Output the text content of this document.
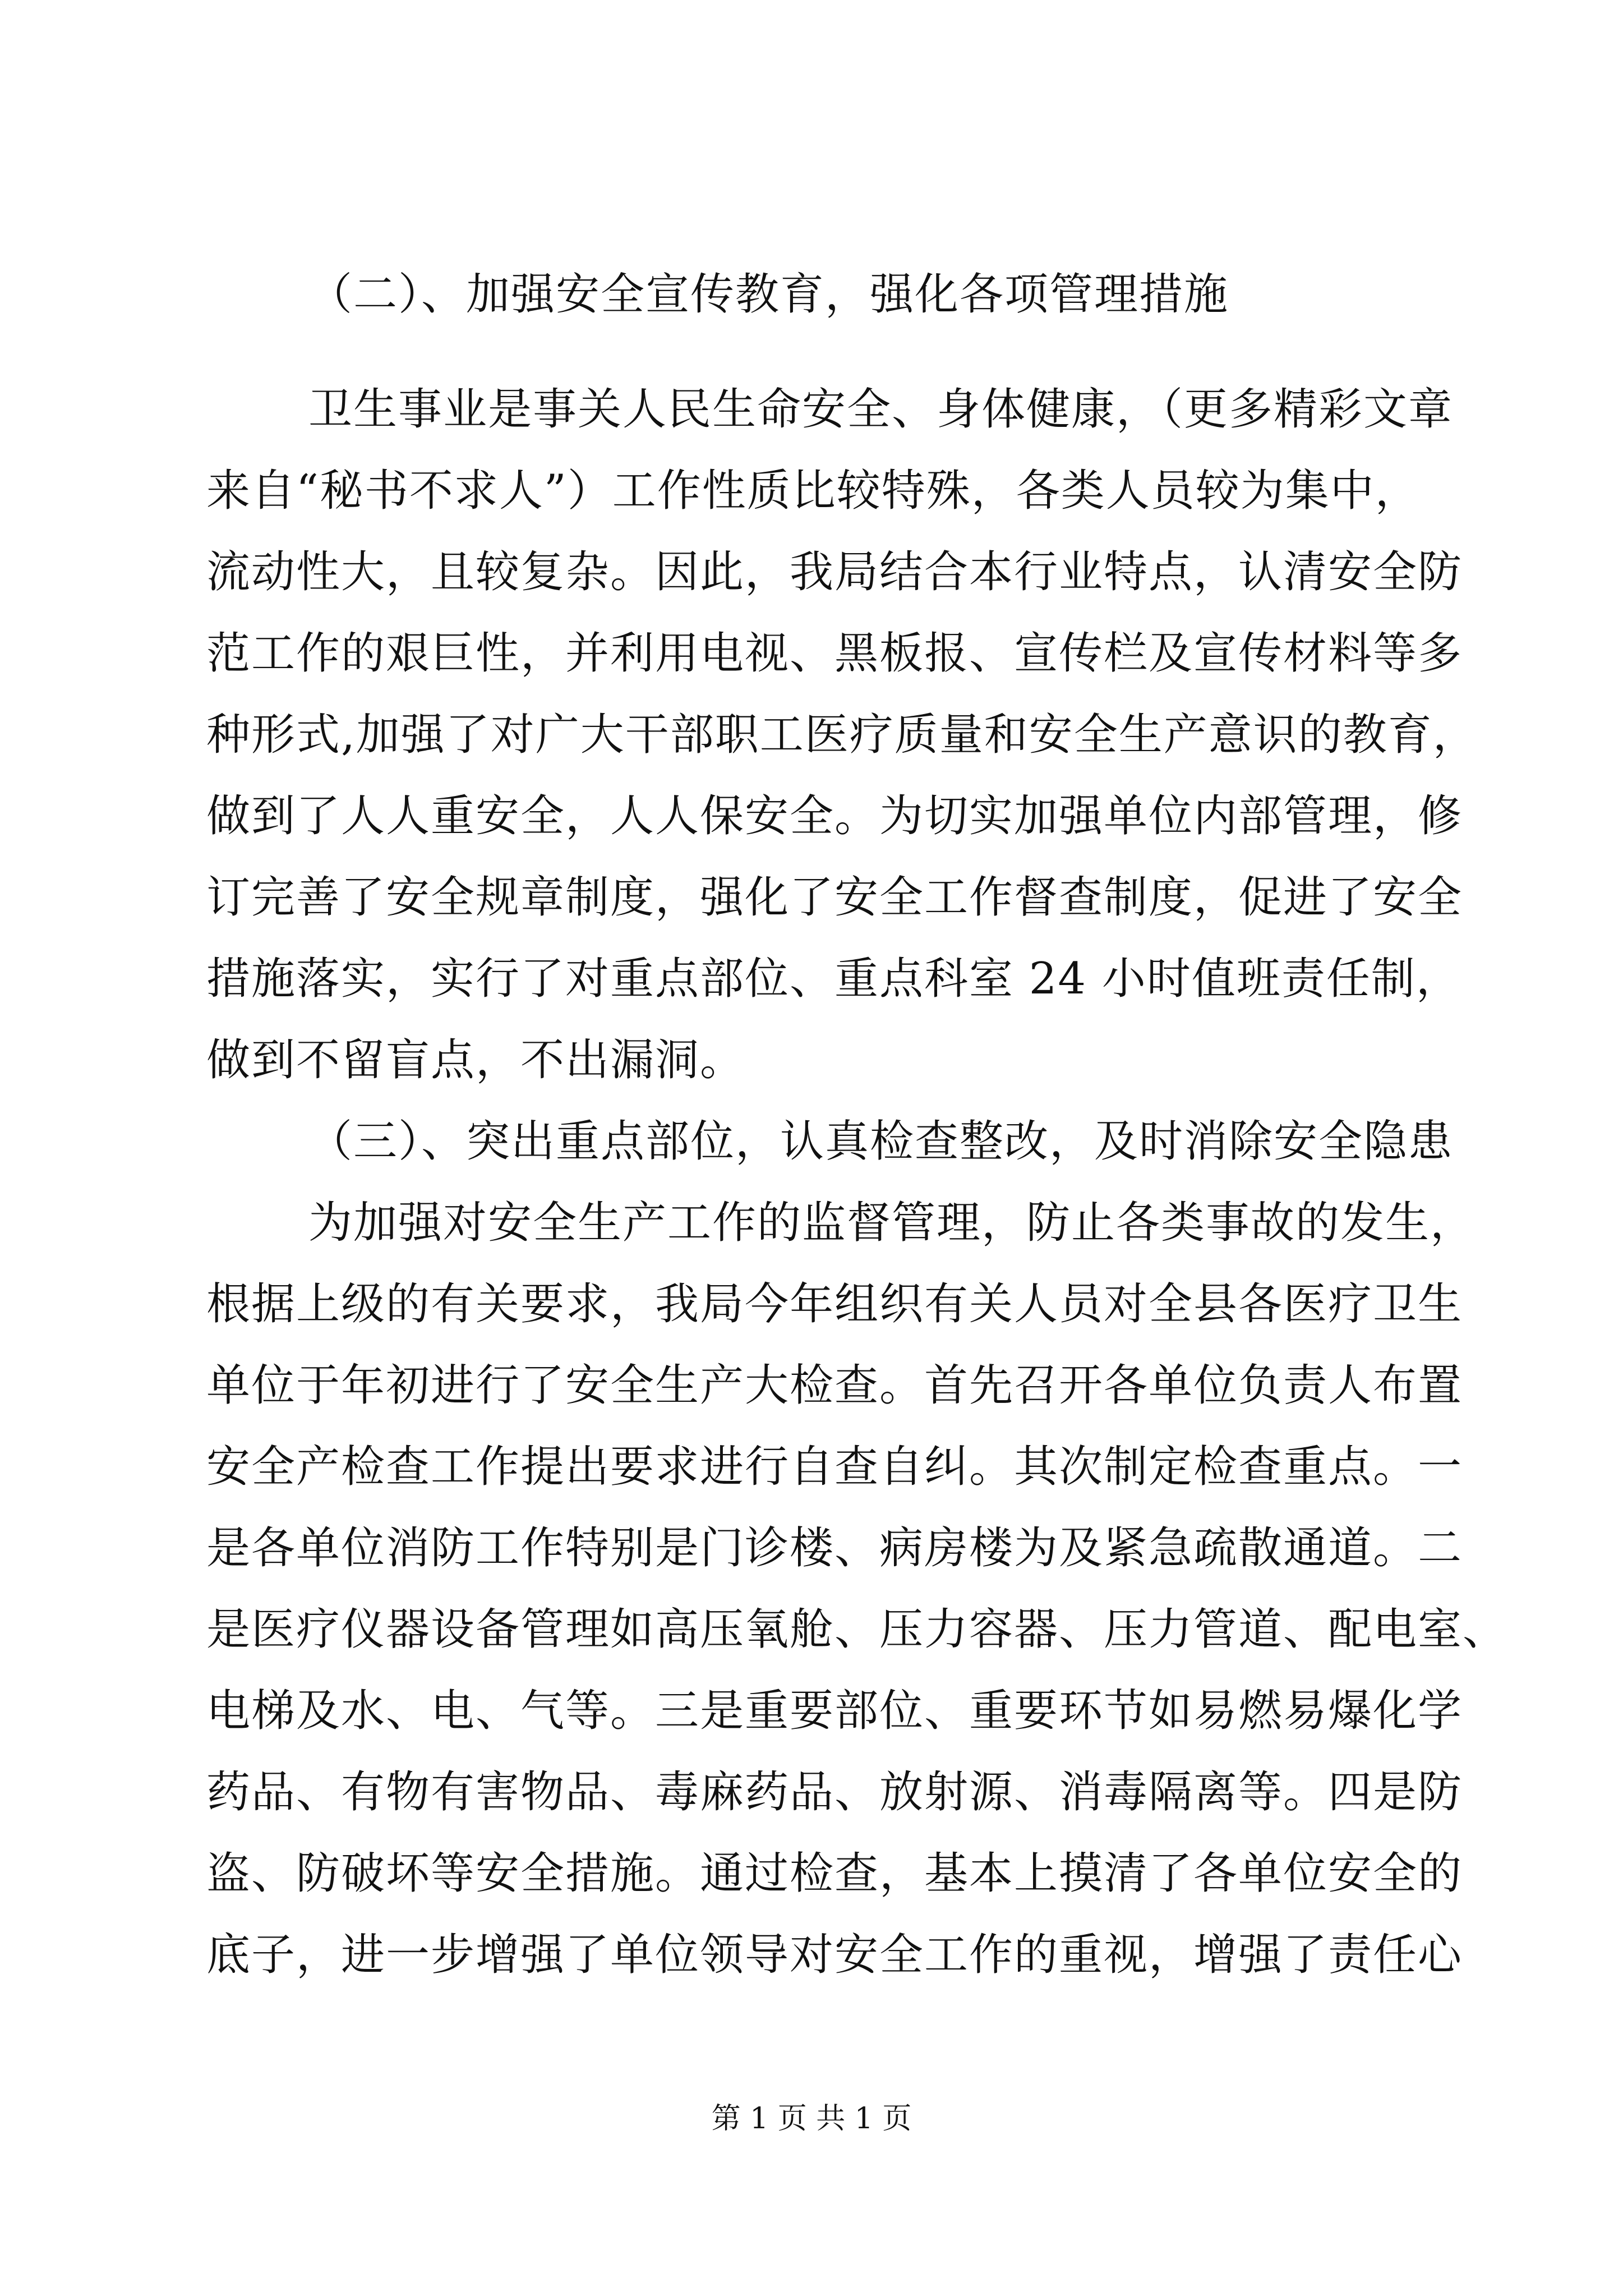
（二）、加强安全宣传教育，强化各项管理措施
卫生事业是事关人民生命安全、身体健康，（更多精彩文章
来自“秘书不求人”）工作性质比较特殊，各类人员较为集中，
流动性大，且较复杂。因此，我局结合本行业特点，认清安全防
范工作的艰巨性，并利用电视、黑板报、宣传栏及宣传材料等多
种形式,加强了对广大干部职工医疗质量和安全生产意识的教育，
做到了人人重安全，人人保安全。为切实加强单位内部管理，修
订完善了安全规章制度，强化了安全工作督查制度，促进了安全
措施落实，实行了对重点部位、重点科室 24 小时值班责任制，
做到不留盲点，不出漏洞。
（三）、突出重点部位，认真检查整改，及时消除安全隐患
为加强对安全生产工作的监督管理，防止各类事故的发生，
根据上级的有关要求，我局今年组织有关人员对全县各医疗卫生
单位于年初进行了安全生产大检查。首先召开各单位负责人布置
安全产检查工作提出要求进行自查自纠。其次制定检查重点。一
是各单位消防工作特别是门诊楼、病房楼为及紧急疏散通道。二
是医疗仪器设备管理如高压氧舱、压力容器、压力管道、配电室、
电梯及水、电、气等。三是重要部位、重要环节如易燃易爆化学
药品、有物有害物品、毒麻药品、放射源、消毒隔离等。四是防
盗、防破坏等安全措施。通过检查，基本上摸清了各单位安全的
底子，进一步增强了单位领导对安全工作的重视，增强了责任心
第 1 页 共 1 页
